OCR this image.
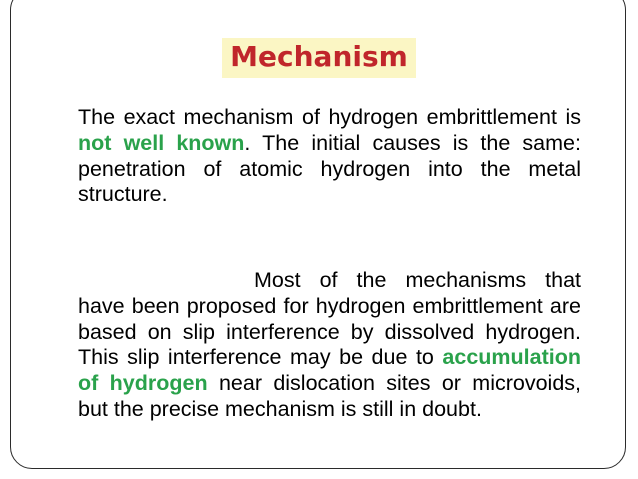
Mechanism

The exact mechanism of hydrogen embrittlement is not well known. The initial causes is the same: penetration of atomic hydrogen into the metal structure.

Most of the mechanisms that have been proposed for hydrogen embrittlement are based on slip interference by dissolved hydrogen. This slip interference may be due to accumulation of hydrogen near dislocation sites or microvoids, but the precise mechanism is still in doubt.
